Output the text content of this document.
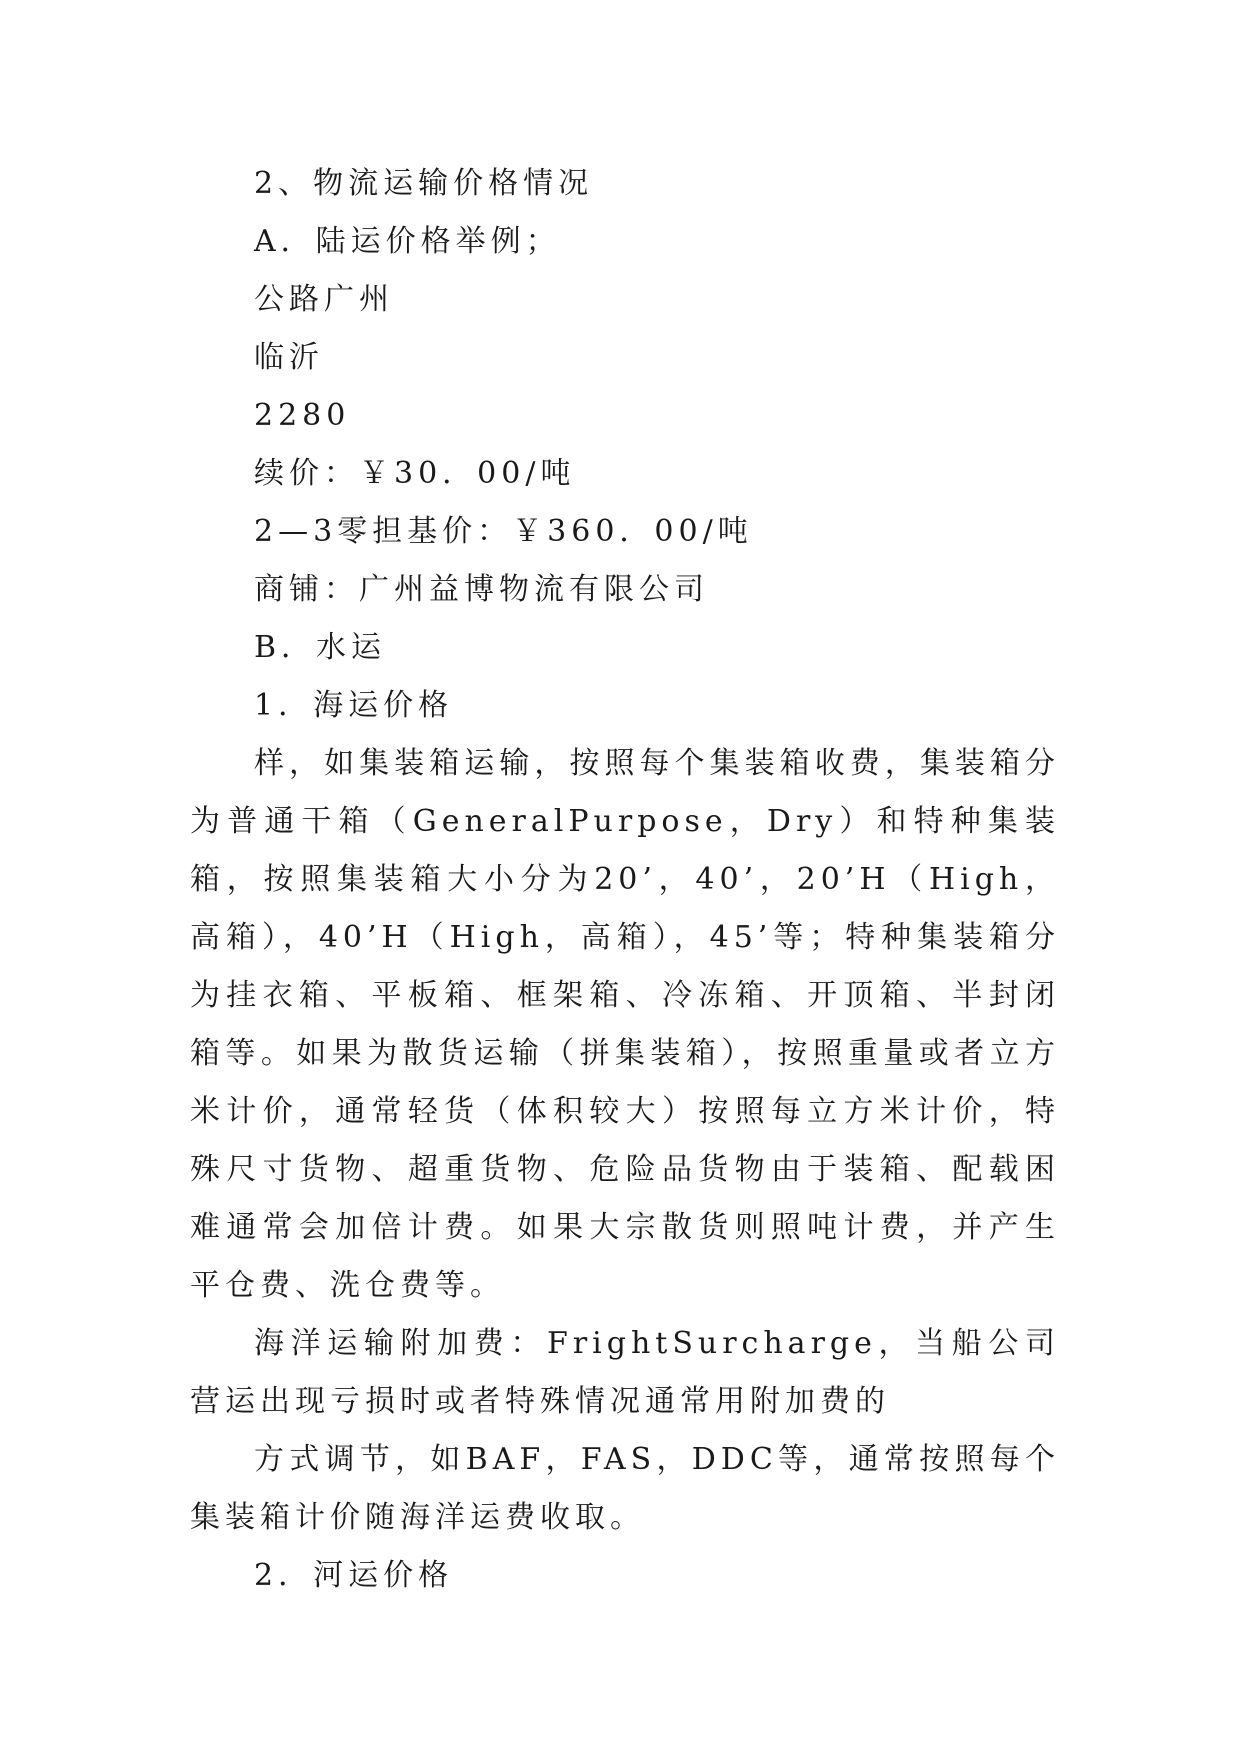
2、物流运输价格情况
A．陆运价格举例；
公路广州
临沂
2280
续价：￥30．00/吨
2—3零担基价：￥360．00/吨
商铺：广州益博物流有限公司
B．水运
1．海运价格

样，如集装箱运输，按照每个集装箱收费，集装箱分为普通干箱（GeneralPurpose，Dry）和特种集装箱，按照集装箱大小分为20’，40’，20’H（High，高箱），40’H（High，高箱），45’等；特种集装箱分为挂衣箱、平板箱、框架箱、冷冻箱、开顶箱、半封闭箱等。如果为散货运输（拼集装箱），按照重量或者立方米计价，通常轻货（体积较大）按照每立方米计价，特殊尺寸货物、超重货物、危险品货物由于装箱、配载困难通常会加倍计费。如果大宗散货则照吨计费，并产生平仓费、洗仓费等。

海洋运输附加费：FrightSurcharge，当船公司营运出现亏损时或者特殊情况通常用附加费的

方式调节，如BAF，FAS，DDC等，通常按照每个集装箱计价随海洋运费收取。

2．河运价格
